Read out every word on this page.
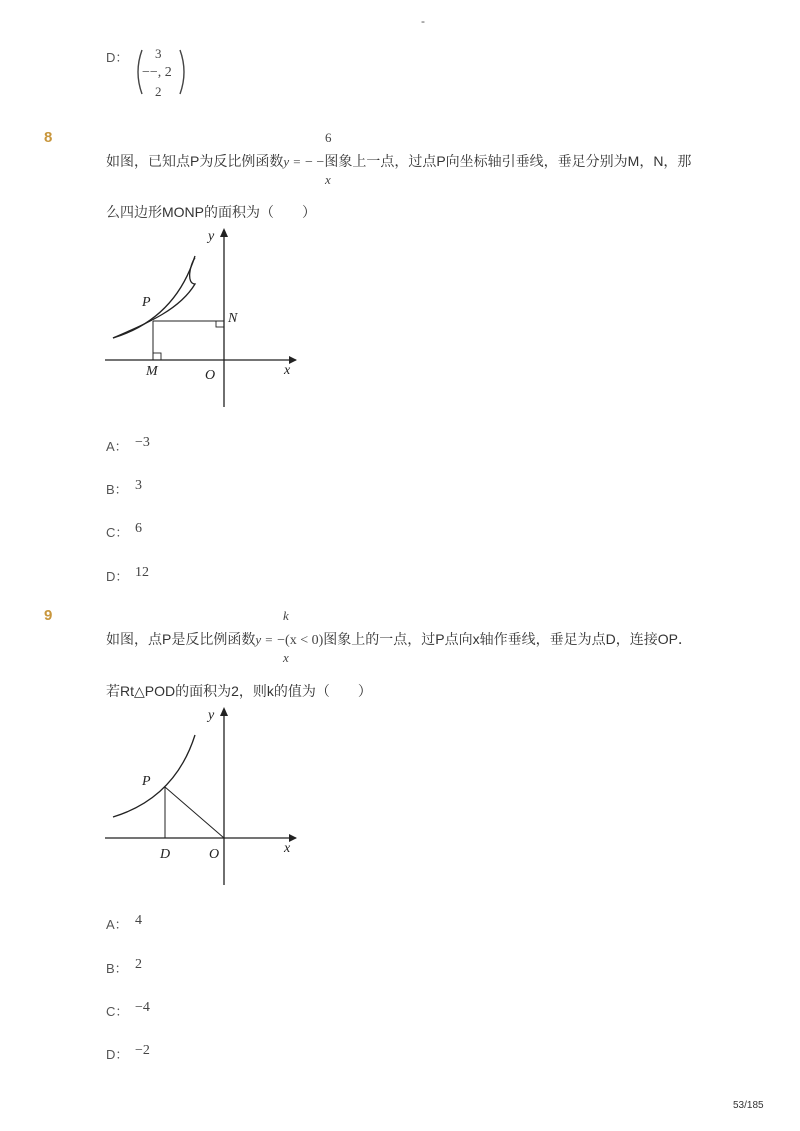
-
D： 3
−−, 2
2
8
如图，已知点P为反比例函数y = − −图象上一点，过点P向坐标轴引垂线，垂足分别为M，N，那
6
x
么四边形MONP的面积为（　　）
y
x
P
N
M	O
A： −3
B： 3
C： 6
D： 12
9
如图，点P是反比例函数y = −(x < 0)图象上的一点，过P点向x轴作垂线，垂足为点D，连接OP．
k
x
若Rt△POD的面积为2，则k的值为（　　）
y
x
P
D	O
A： 4
B： 2
C： −4
D： −2
53/185
